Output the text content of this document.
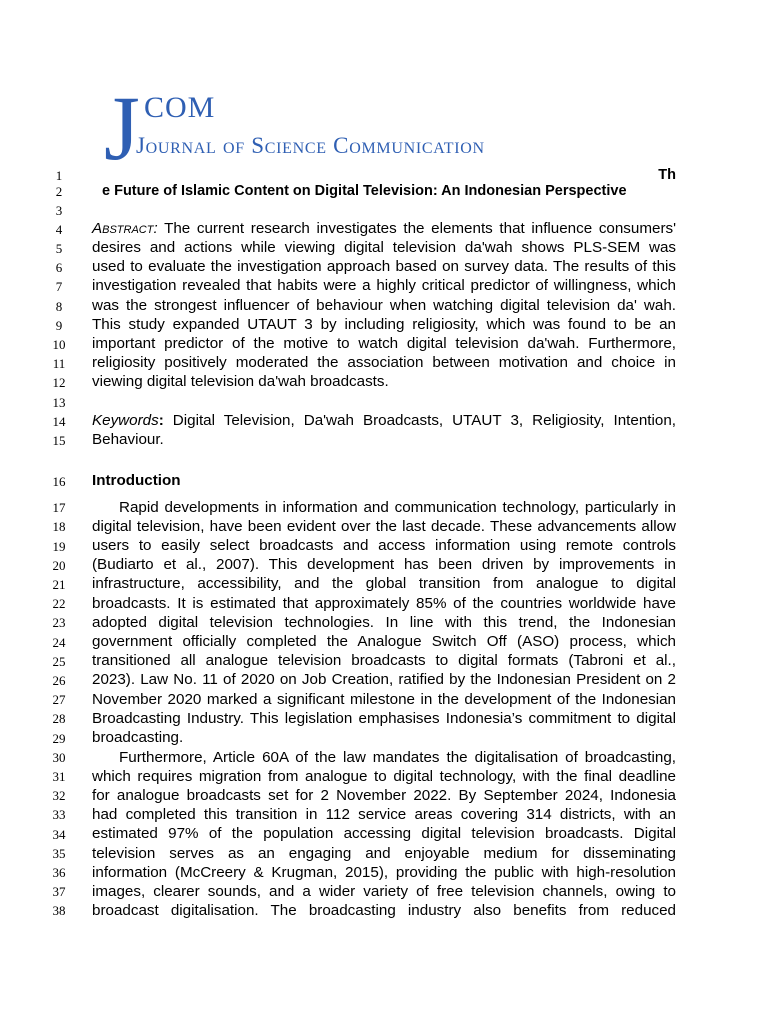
J COM
Journal of Science Communication
1
2
3
4
5
6
7
8
9
10
11
12
13
14
15
16
17
18
19
20
21
22
23
24
25
26
27
28
29
30
31
32
33
34
35
36
37
38
Th
e Future of Islamic Content on Digital Television: An Indonesian Perspective
Abstract: The current research investigates the elements that influence consumers'
desires and actions while viewing digital television da'wah shows PLS-SEM was
used to evaluate the investigation approach based on survey data. The results of this
investigation revealed that habits were a highly critical predictor of willingness, which
was the strongest influencer of behaviour when watching digital television da' wah.
This study expanded UTAUT 3 by including religiosity, which was found to be an
important predictor of the motive to watch digital television da'wah. Furthermore,
religiosity positively moderated the association between motivation and choice in
viewing digital television da'wah broadcasts.
Keywords: Digital Television, Da'wah Broadcasts, UTAUT 3, Religiosity, Intention,
Behaviour.
Introduction
Rapid developments in information and communication technology, particularly in
digital television, have been evident over the last decade. These advancements allow
users to easily select broadcasts and access information using remote controls
(Budiarto et al., 2007). This development has been driven by improvements in
infrastructure, accessibility, and the global transition from analogue to digital
broadcasts. It is estimated that approximately 85% of the countries worldwide have
adopted digital television technologies. In line with this trend, the Indonesian
government officially completed the Analogue Switch Off (ASO) process, which
transitioned all analogue television broadcasts to digital formats (Tabroni et al.,
2023). Law No. 11 of 2020 on Job Creation, ratified by the Indonesian President on 2
November 2020 marked a significant milestone in the development of the Indonesian
Broadcasting Industry. This legislation emphasises Indonesia’s commitment to digital
broadcasting.
Furthermore, Article 60A of the law mandates the digitalisation of broadcasting,
which requires migration from analogue to digital technology, with the final deadline
for analogue broadcasts set for 2 November 2022. By September 2024, Indonesia
had completed this transition in 112 service areas covering 314 districts, with an
estimated 97% of the population accessing digital television broadcasts. Digital
television serves as an engaging and enjoyable medium for disseminating
information (McCreery & Krugman, 2015), providing the public with high-resolution
images, clearer sounds, and a wider variety of free television channels, owing to
broadcast digitalisation. The broadcasting industry also benefits from reduced
